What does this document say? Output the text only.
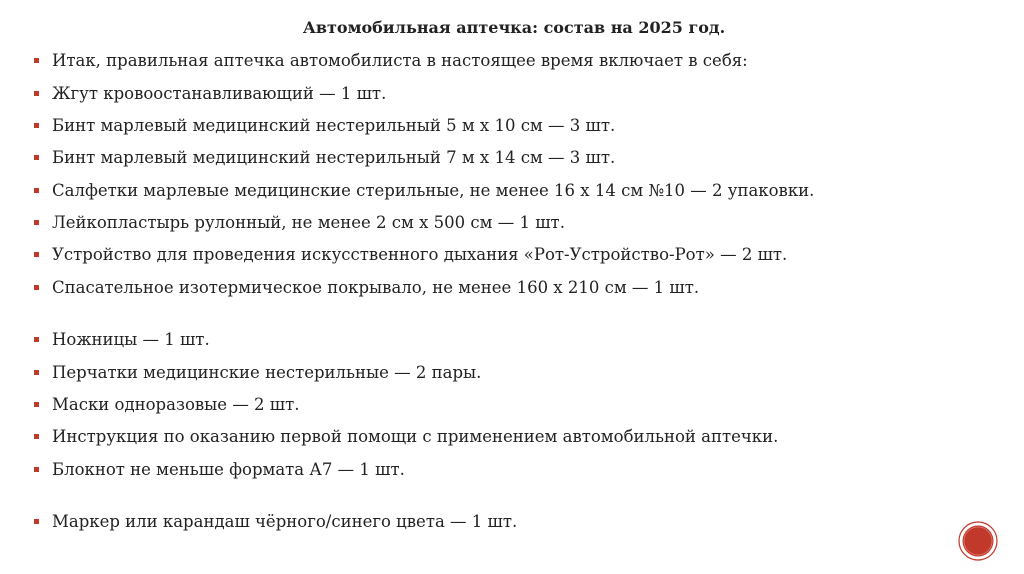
Автомобильная аптечка: состав на 2025 год.
Итак, правильная аптечка автомобилиста в настоящее время включает в себя:
Жгут кровоостанавливающий — 1 шт.
Бинт марлевый медицинский нестерильный 5 м х 10 см — 3 шт.
Бинт марлевый медицинский нестерильный 7 м х 14 см — 3 шт.
Салфетки марлевые медицинские стерильные, не менее 16 х 14 см №10 — 2 упаковки.
Лейкопластырь рулонный, не менее 2 см х 500 см — 1 шт.
Устройство для проведения искусственного дыхания «Рот-Устройство-Рот» — 2 шт.
Спасательное изотермическое покрывало, не менее 160 х 210 см — 1 шт.
Ножницы — 1 шт.
Перчатки медицинские нестерильные — 2 пары.
Маски одноразовые — 2 шт.
Инструкция по оказанию первой помощи с применением автомобильной аптечки.
Блокнот не меньше формата А7 — 1 шт.
Маркер или карандаш чёрного/синего цвета — 1 шт.
